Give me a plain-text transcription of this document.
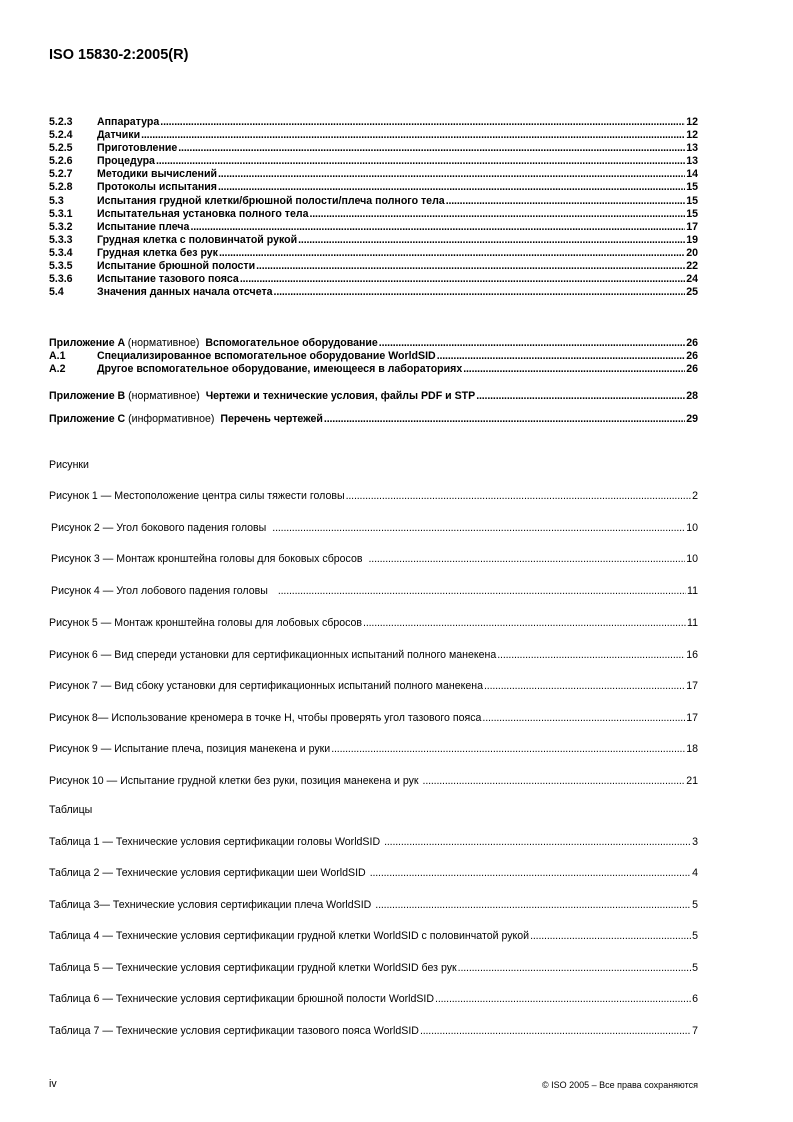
ISO 15830-2:2005(R)
5.2.3	Аппаратура . . .	12
5.2.4	Датчики . . .	12
5.2.5	Приготовление . . .	13
5.2.6	Процедура . . .	13
5.2.7	Методики вычислений . . .	14
5.2.8	Протоколы испытания . . .	15
5.3	Испытания грудной клетки/брюшной полости/плеча полного тела . . .	15
5.3.1	Испытательная установка полного тела . . .	15
5.3.2	Испытание плеча . . .	17
5.3.3	Грудная клетка с половинчатой рукой . . .	19
5.3.4	Грудная клетка без рук . . .	20
5.3.5	Испытание брюшной полости . . .	22
5.3.6	Испытание тазового пояса . . .	24
5.4	Значения данных начала отсчета . . .	25
Приложение A (нормативное) Вспомогательное оборудование . . .	26
A.1	Специализированное вспомогательное оборудование WorldSID . . .	26
A.2	Другое вспомогательное оборудование, имеющееся в лабораториях . . .	26
Приложение B (нормативное) Чертежи и технические условия, файлы PDF и STP . . .	28
Приложение C (информативное) Перечень чертежей . . .	29
Рисунки
Рисунок 1 — Местоположение центра силы тяжести головы . . .	2
Рисунок 2 — Угол бокового падения головы . . .	10
Рисунок 3 — Монтаж кронштейна головы для боковых сбросов . . .	10
Рисунок 4 — Угол лобового падения головы . . .	11
Рисунок 5 — Монтаж кронштейна головы для лобовых сбросов . . .	11
Рисунок 6 — Вид спереди установки для сертификационных испытаний полного манекена . . .	16
Рисунок 7 — Вид сбоку установки для сертификационных испытаний полного манекена . . .	17
Рисунок 8— Использование кренoмера в точке H, чтобы проверять угол тазового пояса . . .	17
Рисунок 9 — Испытание плеча, позиция манекена и руки . . .	18
Рисунок 10 — Испытание грудной клетки без руки, позиция манекена и рук . . .	21
Таблицы
Таблица 1 — Технические условия сертификации головы WorldSID . . .	3
Таблица 2 — Технические условия сертификации шеи WorldSID . . .	4
Таблица 3— Технические условия сертификации плеча WorldSID . . .	5
Таблица 4 — Технические условия сертификации грудной клетки WorldSID с половинчатой рукой . . .	5
Таблица 5 — Технические условия сертификации грудной клетки WorldSID без рук . . .	5
Таблица 6 — Технические условия сертификации брюшной полости WorldSID . . .	6
Таблица 7 — Технические условия сертификации тазового пояса WorldSID . . .	7
iv	© ISO 2005 – Все права сохраняются
